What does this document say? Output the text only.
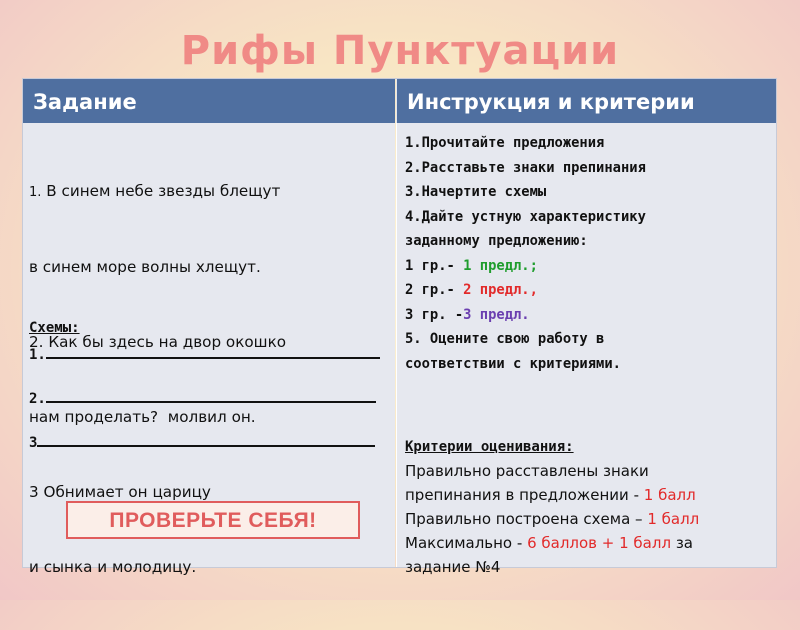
Рифы Пунктуации
Задание	Инструкция и критерии

1. В синем небе звезды блещут

в синем море волны хлещут.

2. Как бы здесь на двор окошко

нам проделать?  молвил он.

3 Обнимает он царицу

и сынка и молодицу.

Схемы:
1.
2.
3
1.Прочитайте предложения
2.Расставьте знаки препинания
3.Начертите схемы
4.Дайте устную характеристику
заданному предложению:
1 гр.- 1 предл.;
2 гр.- 2 предл.,
3 гр. -3 предл.
5. Оцените свою работу в
соответствии с критериями.
Критерии оценивания:
Правильно расставлены знаки
препинания в предложении - 1 балл
Правильно построена схема – 1 балл
Максимально - 6 баллов + 1 балл за
задание №4
ПРОВЕРЬТЕ СЕБЯ!
